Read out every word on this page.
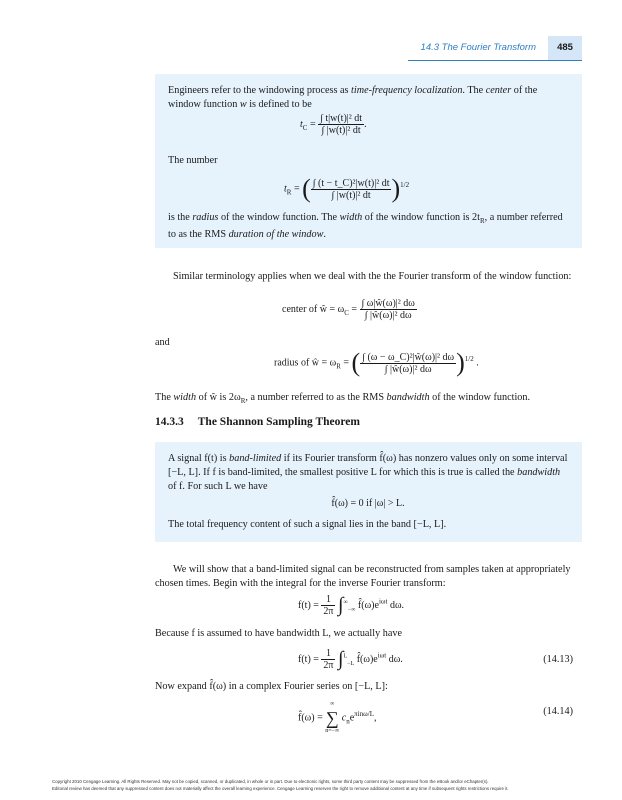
14.3 The Fourier Transform	485
Engineers refer to the windowing process as time-frequency localization. The center of the window function w is defined to be
$t_C = \frac{\text{∫ t|w(t)|² dt}}{\text{∫ |w(t)|² dt}}$ .
The number
$t_R$ = ( $\frac{\text{∫ (t − t\_C)²|w(t)|² dt}}{\text{∫ |w(t)|² dt}} )^{1/2}$
is the radius of the window function. The width of the window function is $2t_R$, a number referred to as the RMS duration of the window.
Similar terminology applies when we deal with the the Fourier transform of the window function:
center of ŵ = $\omega_C = \frac{\text{∫ ω|ŵ(ω)|² dω}}{\text{∫ |ŵ(ω)|² dω}}$
and
radius of ŵ = $\omega_R$ = ( $\frac{\text{∫ (ω − ω\_C)²|ŵ(ω)|² dω}}{\text{∫ |ŵ(ω)|² dω}} )^{1/2}$ .
The width of ŵ is $2\omega_R$, a number referred to as the RMS bandwidth of the window function.
14.3.3 The Shannon Sampling Theorem
A signal f(t) is band-limited if its Fourier transform f̂(ω) has nonzero values only on some interval [−L, L]. If f is band-limited, the smallest positive L for which this is true is called the bandwidth of f. For such L we have
f̂(ω) = 0 if |ω| > L.
The total frequency content of such a signal lies in the band [−L, L].
We will show that a band-limited signal can be reconstructed from samples taken at appropriately chosen times. Begin with the integral for the inverse Fourier transform:
$f(t) = \frac{1}{2\pi} \int^\infty_{-\infty}$ $f̂(\omega)e^{i\omega t}$ dω.
Because f is assumed to have bandwidth L, we actually have
$f(t) = \frac{1}{2\pi} \int^L_{-L}$ $f̂(\omega)e^{i\omega t}$ dω.	(14.13)
Now expand f̂(ω) in a complex Fourier series on [−L, L]:
f̂(ω) =
∞
∑
n=−∞
$c_ne^{\pi in\omega/L}$,
(14.14)
Copyright 2010 Cengage Learning. All Rights Reserved. May not be copied, scanned, or duplicated, in whole or in part. Due to electronic rights, some third party content may be suppressed from the eBook and/or eChapter(s).
Editorial review has deemed that any suppressed content does not materially affect the overall learning experience. Cengage Learning reserves the right to remove additional content at any time if subsequent rights restrictions require it.
